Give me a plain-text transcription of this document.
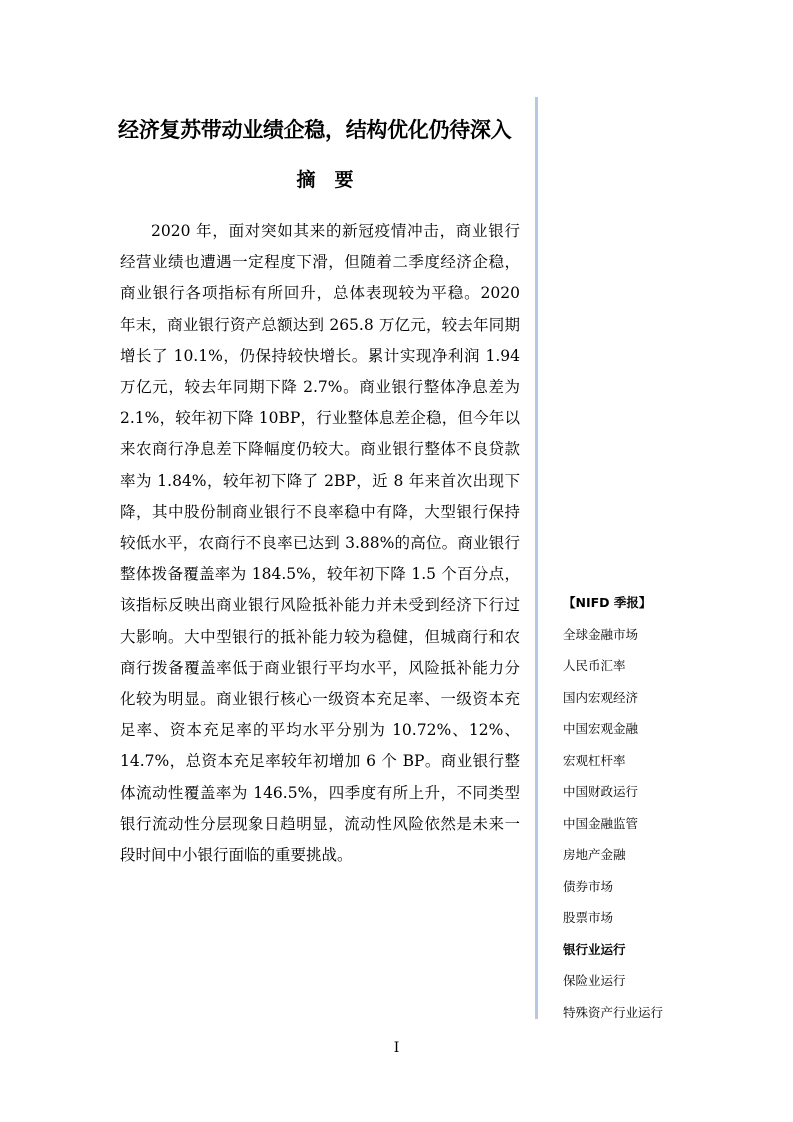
经济复苏带动业绩企稳，结构优化仍待深入
摘　要

2020 年，面对突如其来的新冠疫情冲击，商业银行经营业绩也遭遇一定程度下滑，但随着二季度经济企稳，商业银行各项指标有所回升，总体表现较为平稳。2020 年末，商业银行资产总额达到 265.8 万亿元，较去年同期增长了 10.1%，仍保持较快增长。累计实现净利润 1.94 万亿元，较去年同期下降 2.7%。商业银行整体净息差为 2.1%，较年初下降 10BP，行业整体息差企稳，但今年以来农商行净息差下降幅度仍较大。商业银行整体不良贷款率为 1.84%，较年初下降了 2BP，近 8 年来首次出现下降，其中股份制商业银行不良率稳中有降，大型银行保持较低水平，农商行不良率已达到 3.88%的高位。商业银行整体拨备覆盖率为 184.5%，较年初下降 1.5 个百分点，该指标反映出商业银行风险抵补能力并未受到经济下行过大影响。大中型银行的抵补能力较为稳健，但城商行和农商行拨备覆盖率低于商业银行平均水平，风险抵补能力分化较为明显。商业银行核心一级资本充足率、一级资本充足率、资本充足率的平均水平分别为 10.72%、12%、14.7%，总资本充足率较年初增加 6 个 BP。商业银行整体流动性覆盖率为 146.5%，四季度有所上升，不同类型银行流动性分层现象日趋明显，流动性风险依然是未来一段时间中小银行面临的重要挑战。

【NIFD 季报】
全球金融市场
人民币汇率
国内宏观经济
中国宏观金融
宏观杠杆率
中国财政运行
中国金融监管
房地产金融
债券市场
股票市场
银行业运行
保险业运行
特殊资产行业运行
I
